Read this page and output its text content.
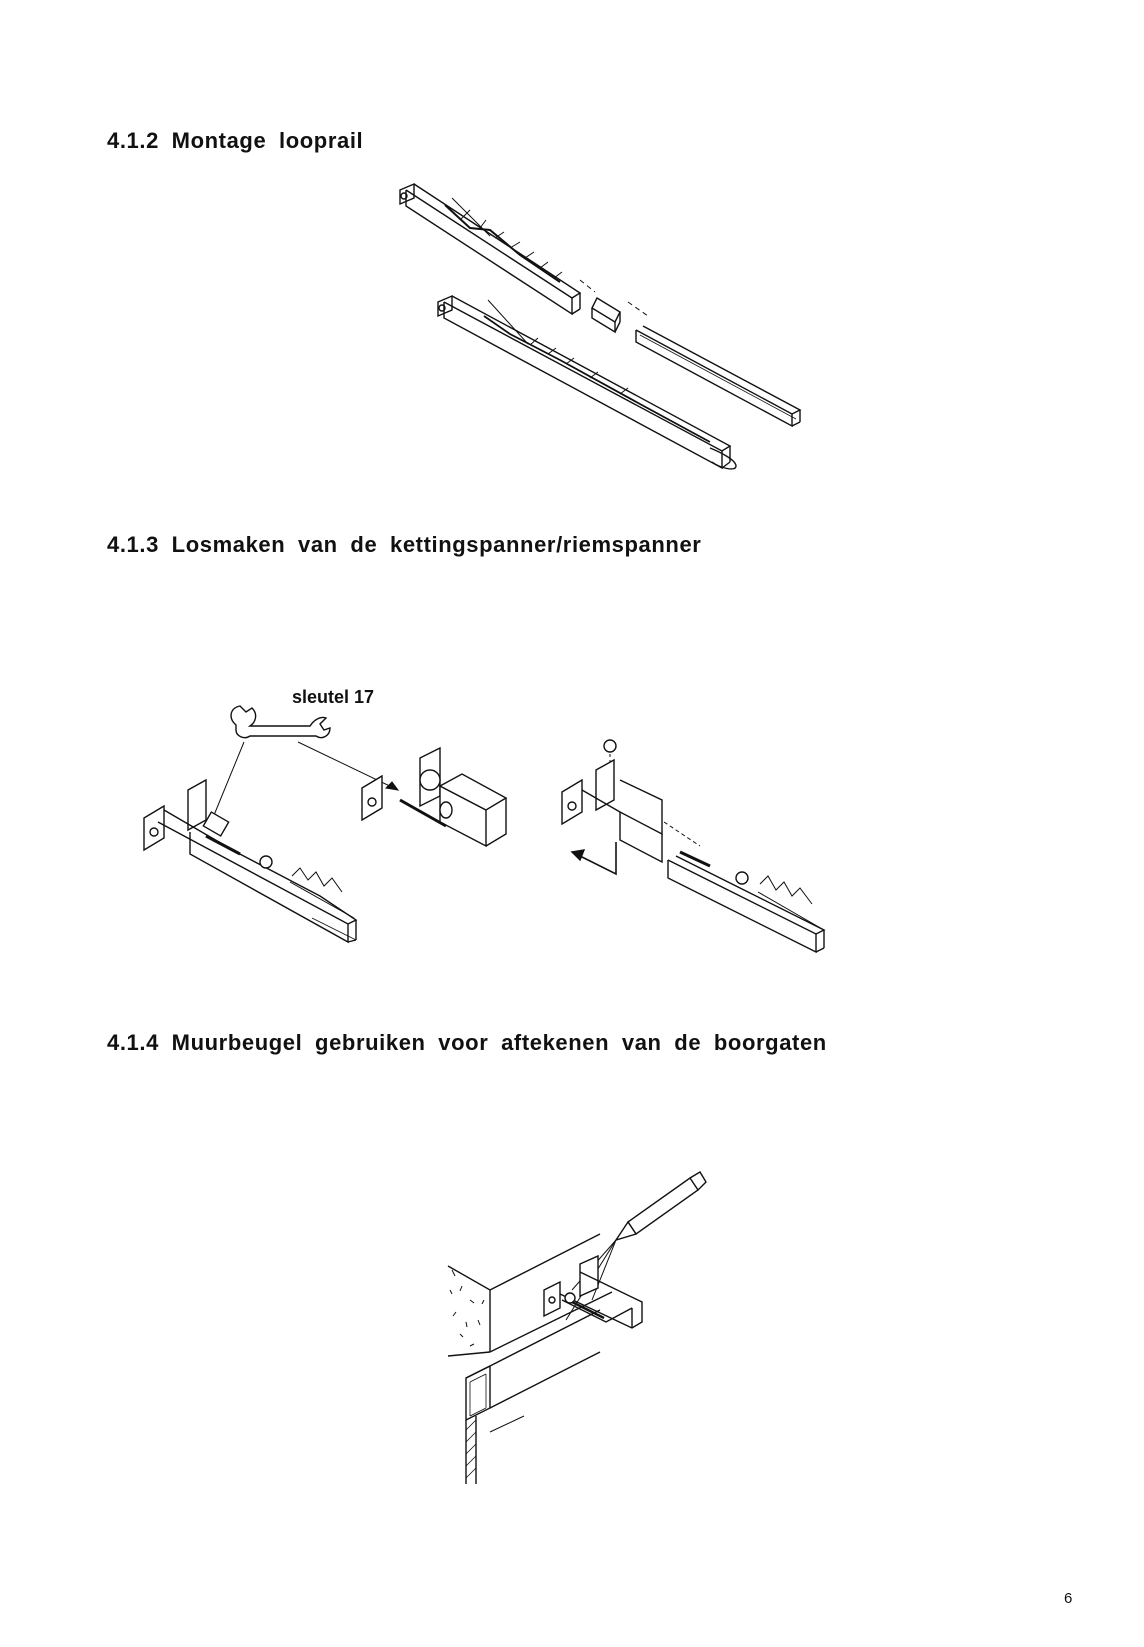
4.1.2 Montage looprail
4.1.3 Losmaken van de kettingspanner/riemspanner
4.1.4 Muurbeugel gebruiken voor aftekenen van de boorgaten
sleutel 17
6
